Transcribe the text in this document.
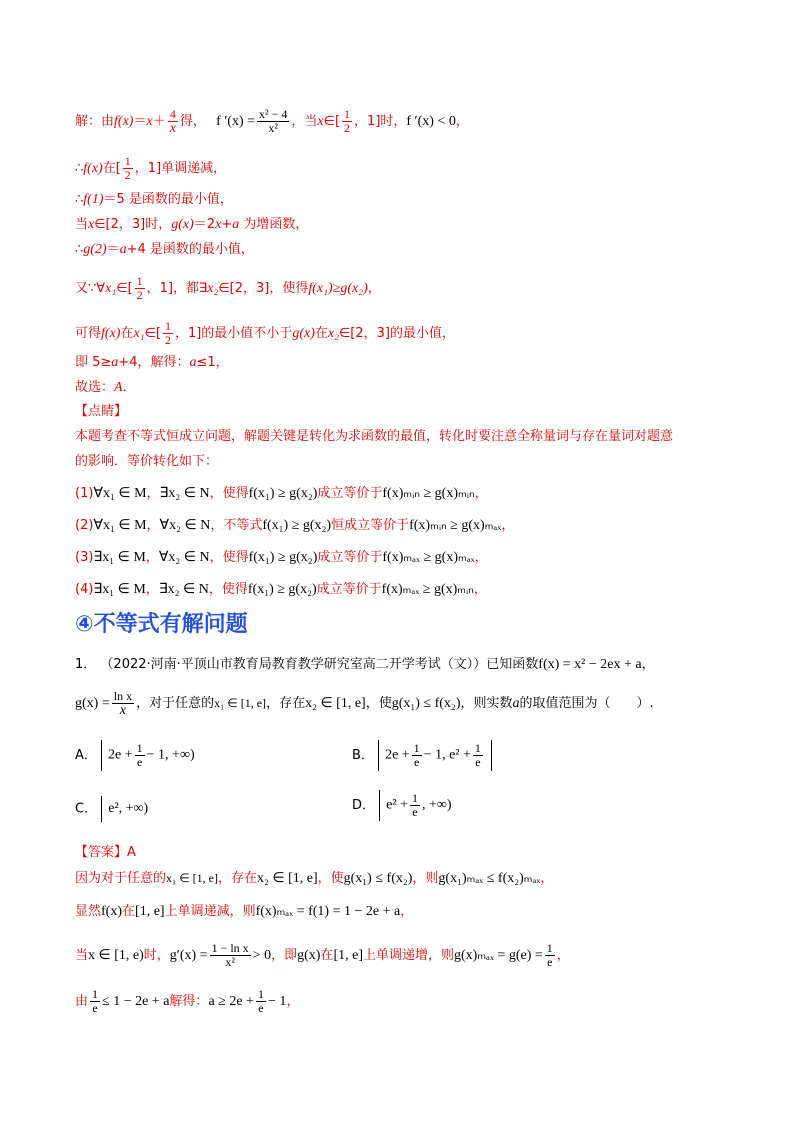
解：由$f(x)=x+ \frac{4}{x}$ 得， f $'(x) = \frac{\text{x² − 4}}{\text{x²}}$ ，当x∈[ $\frac{1}{2}$ ，1]时，f ′(x) < 0，
∴f(x)在[ $\frac{1}{2}$ ，1]单调递减，
∴f(1)＝5 是函数的最小值，
当x∈[2，3]时，g(x)＝2x+a 为增函数，
∴g(2)＝a+4 是函数的最小值，
又∵∀x₁∈[ $\frac{1}{2}$ ，1]，都∃x₂∈[2，3]，使得f(x₁)≥g(x₂)，
可得f(x)在x₁∈[ $\frac{1}{2}$ ，1]的最小值不小于g(x)在x₂∈[2，3]的最小值，
即 5≥a+4，解得：a≤1，
故选：A．
【点睛】
本题考查不等式恒成立问题，解题关键是转化为求函数的最值，转化时要注意全称量词与存在量词对题意
的影响．等价转化如下：
(1)∀x₁ ∈ M，∃x₂ ∈ N，使得f(x₁) ≥ g(x₂)成立等价于f(x)ₘᵢₙ ≥ g(x)ₘᵢₙ，
(2)∀x₁ ∈ M，∀x₂ ∈ N，不等式f(x₁) ≥ g(x₂)恒成立等价于f(x)ₘᵢₙ ≥ g(x)ₘₐₓ，
(3)∃x₁ ∈ M，∀x₂ ∈ N，使得f(x₁) ≥ g(x₂)成立等价于f(x)ₘₐₓ ≥ g(x)ₘₐₓ，
(4)∃x₁ ∈ M，∃x₂ ∈ N，使得f(x₁) ≥ g(x₂)成立等价于f(x)ₘₐₓ ≥ g(x)ₘᵢₙ，
④不等式有解问题
1． （2022·河南·平顶山市教育局教育教学研究室高二开学考试（文））已知函数f(x) = x² − 2ex + a，
$g(x) = \frac{\text{ln x}}{x}$ ，对于任意的x₁ ∈ [1, e]，存在x₂ ∈ [1, e]，使g(x₁) ≤ f(x₂)，则实数a的取值范围为（　　）.
A． $2e + \frac{1}{e} - 1$, +∞)	B． $2e + \frac{1}{e} - 1$, $e^2 + \frac{1}{e}$
C． e², +∞)	D． $e^2 + \frac{1}{e}$ , +∞)
【答案】A
因为对于任意的x₁ ∈ [1, e]，存在x₂ ∈ [1, e]，使g(x₁) ≤ f(x₂)，则g(x₁)ₘₐₓ ≤ f(x₂)ₘₐₓ，
显然f(x)在[1, e]上单调递减，则f(x)ₘₐₓ = f(1) = 1 − 2e + a，
当x ∈ [1, e)时，$g'(x) = \frac{\text{1 − ln x}}{\text{x²}} > 0$，即g(x)在[1, e]上单调递增，则$g(x)_{max} = g(e) = \frac{1}{e}$ ，
由 $\frac{1}{e} \le 1 - 2e + a$解得：$a \ge 2e + \frac{1}{e} - 1$，
